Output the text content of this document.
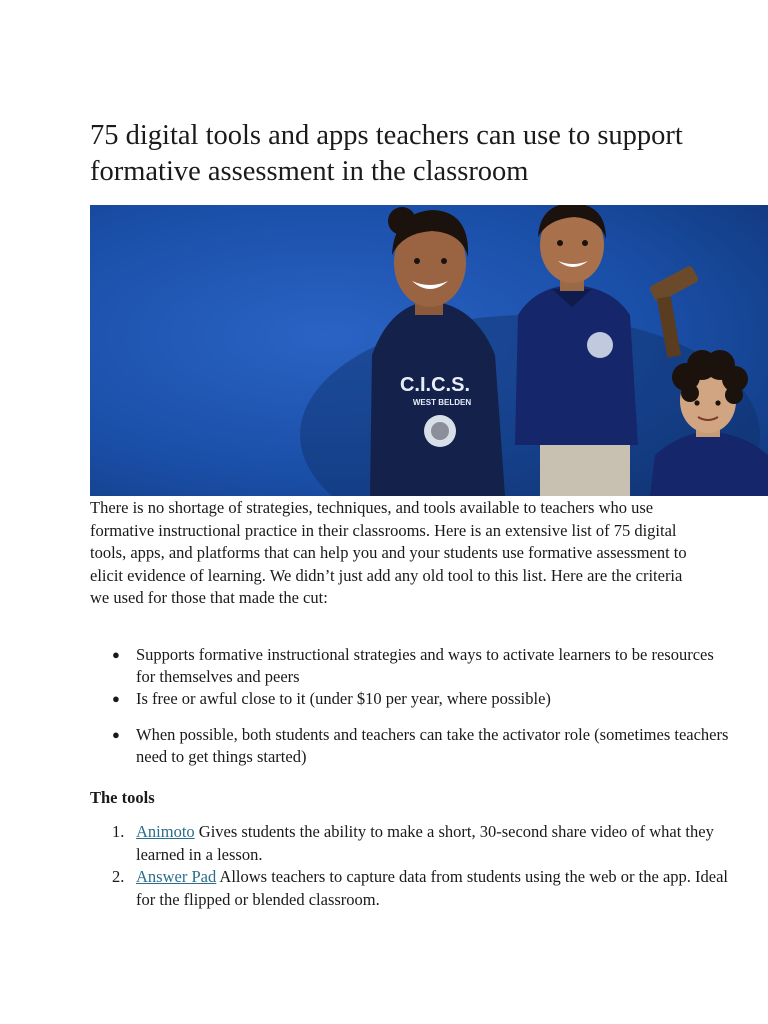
75 digital tools and apps teachers can use to support formative assessment in the classroom
C.I.C.S.
WEST BELDEN

There is no shortage of strategies, techniques, and tools available to teachers who use formative instructional practice in their classrooms. Here is an extensive list of 75 digital tools, apps, and platforms that can help you and your students use formative assessment to elicit evidence of learning. We didn’t just add any old tool to this list. Here are the criteria we used for those that made the cut:

● Supports formative instructional strategies and ways to activate learners to be resources for themselves and peers
● Is free or awful close to it (under $10 per year, where possible)
● When possible, both students and teachers can take the activator role (sometimes teachers need to get things started)
The tools
1. Animoto Gives students the ability to make a short, 30-second share video of what they learned in a lesson.
2. Answer Pad Allows teachers to capture data from students using the web or the app. Ideal for the flipped or blended classroom.
